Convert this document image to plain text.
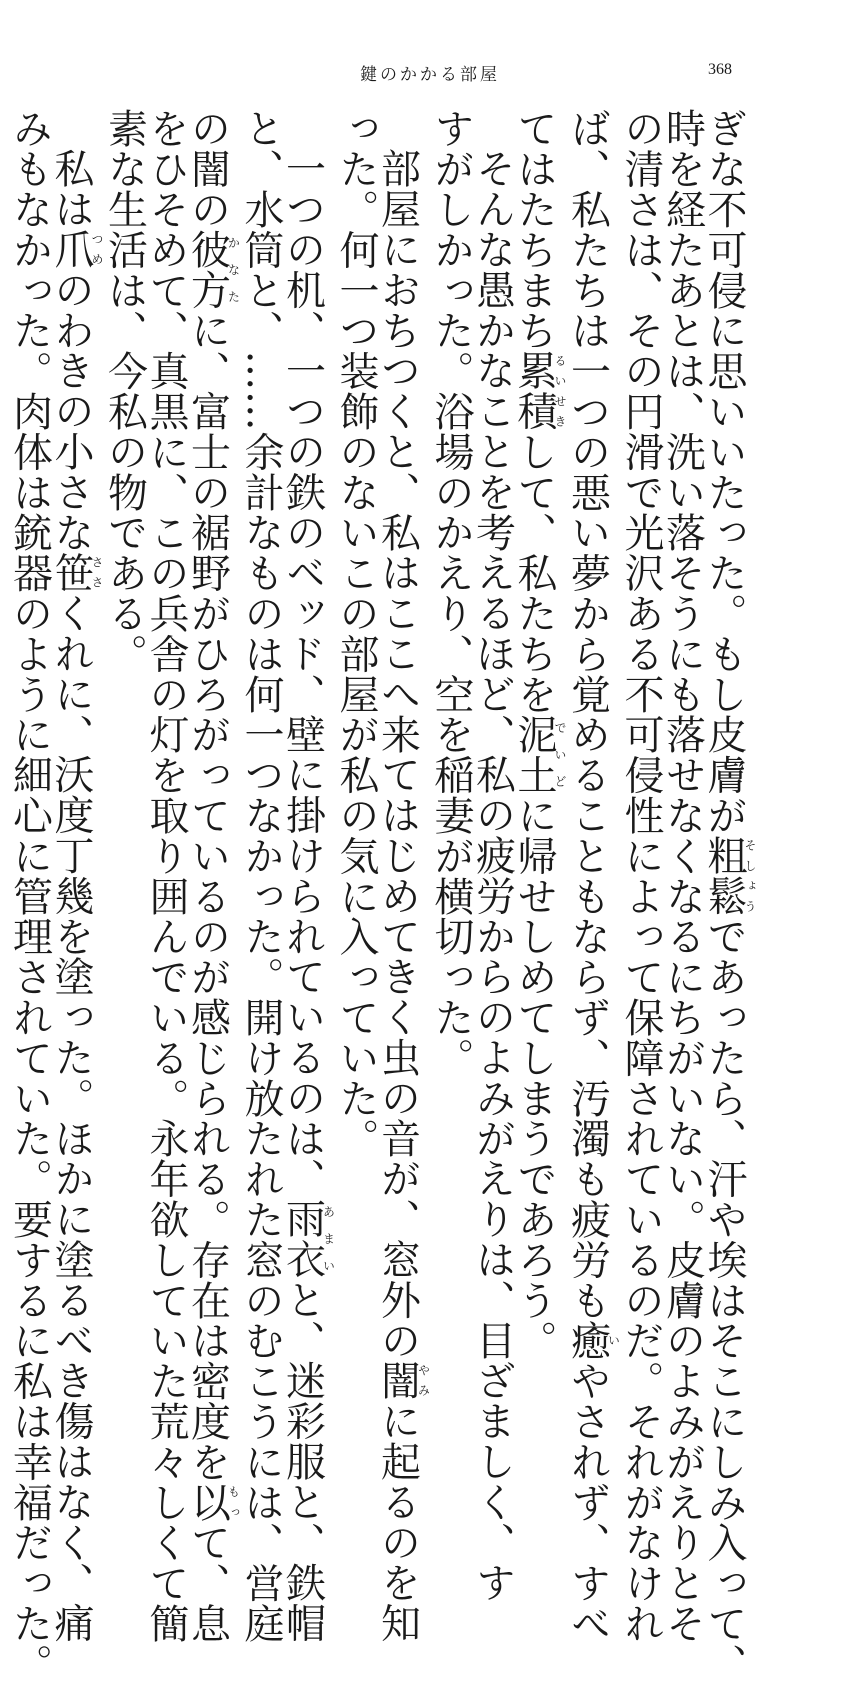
鍵のかかる部屋	368
ぎな不可侵に思いいたった。もし皮膚が粗鬆そしょうであったら、汗や埃はそこにしみ入って、
時を経たあとは、洗い落そうにも落せなくなるにちがいない。皮膚のよみがえりとそ
の清さは、その円滑で光沢ある不可侵性によって保障されているのだ。それがなけれ
ば、私たちは一つの悪い夢から覚めることもならず、汚濁も疲労も癒いやされず、すべ
てはたちまち累積るいせきして、私たちを泥土でいどに帰せしめてしまうであろう。
そんな愚かなことを考えるほど、私の疲労からのよみがえりは、目ざましく、す
すがしかった。浴場のかえり、空を稲妻が横切った。
部屋におちつくと、私はここへ来てはじめてきく虫の音が、窓外の闇やみに起るのを知
った。何一つ装飾のないこの部屋が私の気に入っていた。
一つの机、一つの鉄のベッド、壁に掛けられているのは、雨衣あまいと、迷彩服と、鉄帽
と、水筒と、……余計なものは何一つなかった。開け放たれた窓のむこうには、営庭
の闇の彼方かなたに、富士の裾野がひろがっているのが感じられる。存在は密度を以もって、息
をひそめて、真黒に、この兵舎の灯を取り囲んでいる。永年欲していた荒々しくて簡
素な生活は、今私の物である。
私は爪つめのわきの小さな笹ささくれに、沃度丁幾を塗った。ほかに塗るべき傷はなく、痛
みもなかった。肉体は銃器のように細心に管理されていた。要するに私は幸福だった。
